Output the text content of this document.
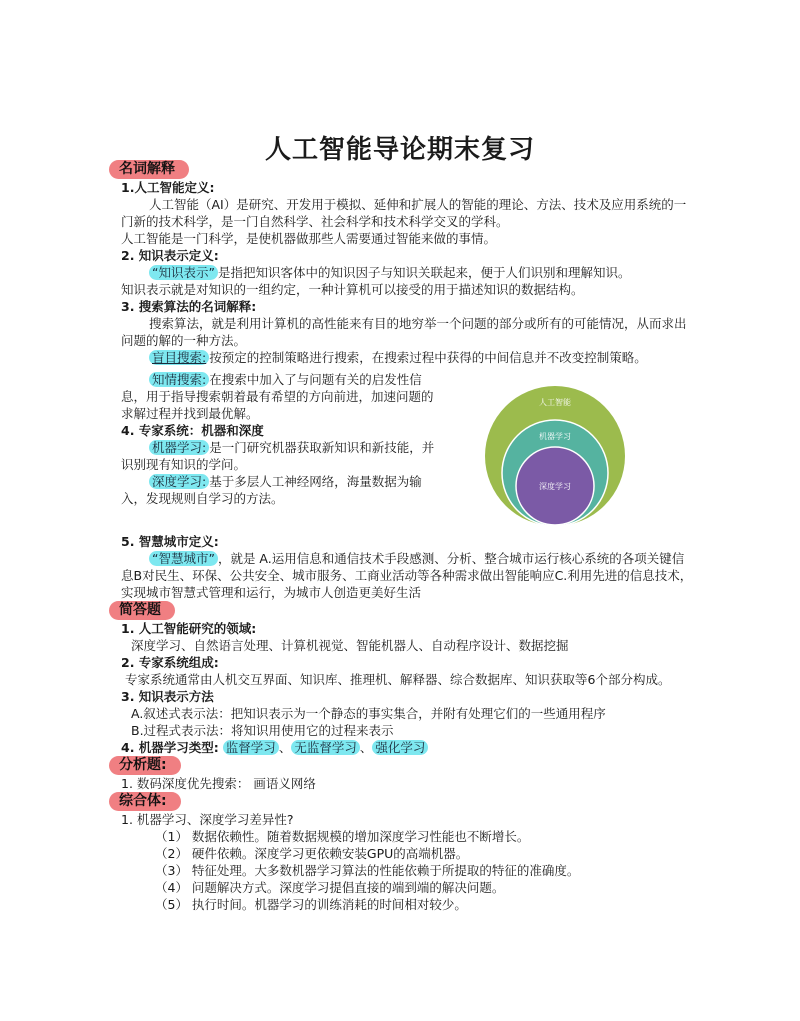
人工智能导论期末复习
名词解释

1.人工智能定义:

人工智能（AI）是研究、开发用于模拟、延伸和扩展人的智能的理论、方法、技术及应用系统的一门新的技术科学，是一门自然科学、社会科学和技术科学交叉的学科。

人工智能是一门科学，是使机器做那些人需要通过智能来做的事情。

2. 知识表示定义:

“知识表示” 是指把知识客体中的知识因子与知识关联起来，便于人们识别和理解知识。

知识表示就是对知识的一组约定，一种计算机可以接受的用于描述知识的数据结构。

3. 搜索算法的名词解释:

搜索算法，就是利用计算机的高性能来有目的地穷举一个问题的部分或所有的可能情况，从而求出问题的解的一种方法。

盲目搜索: 按预定的控制策略进行搜索，在搜索过程中获得的中间信息并不改变控制策略。

知情搜索: 在搜索中加入了与问题有关的启发性信息，用于指导搜索朝着最有希望的方向前进，加速问题的求解过程并找到最优解。

4. 专家系统：机器和深度

机器学习: 是一门研究机器获取新知识和新技能，并识别现有知识的学问。

深度学习: 基于多层人工神经网络，海量数据为输入，发现规则自学习的方法。

5. 智慧城市定义:

“智慧城市” ，就是 A.运用信息和通信技术手段感测、分析、整合城市运行核心系统的各项关键信息B对民生、环保、公共安全、城市服务、工商业活动等各种需求做出智能响应C.利用先进的信息技术，实现城市智慧式管理和运行，为城市人创造更美好生活

简答题

1. 人工智能研究的领域:

深度学习、自然语言处理、计算机视觉、智能机器人、自动程序设计、数据挖掘

2. 专家系统组成:

专家系统通常由人机交互界面、知识库、推理机、解释器、综合数据库、知识获取等6个部分构成。

3. 知识表示方法

A.叙述式表示法：把知识表示为一个静态的事实集合，并附有处理它们的一些通用程序

B.过程式表示法：将知识用使用它的过程来表示

4. 机器学习类型: 监督学习 、 无监督学习 、 强化学习

分析题:

1. 数码深度优先搜索： 画语义网络

综合体:

1. 机器学习、深度学习差异性?

（1） 数据依赖性。随着数据规模的增加深度学习性能也不断增长。

（2） 硬件依赖。深度学习更依赖安装GPU的高端机器。

（3） 特征处理。大多数机器学习算法的性能依赖于所提取的特征的准确度。

（4） 问题解决方式。深度学习提倡直接的端到端的解决问题。

（5） 执行时间。机器学习的训练消耗的时间相对较少。

人工智能
机器学习
深度学习
